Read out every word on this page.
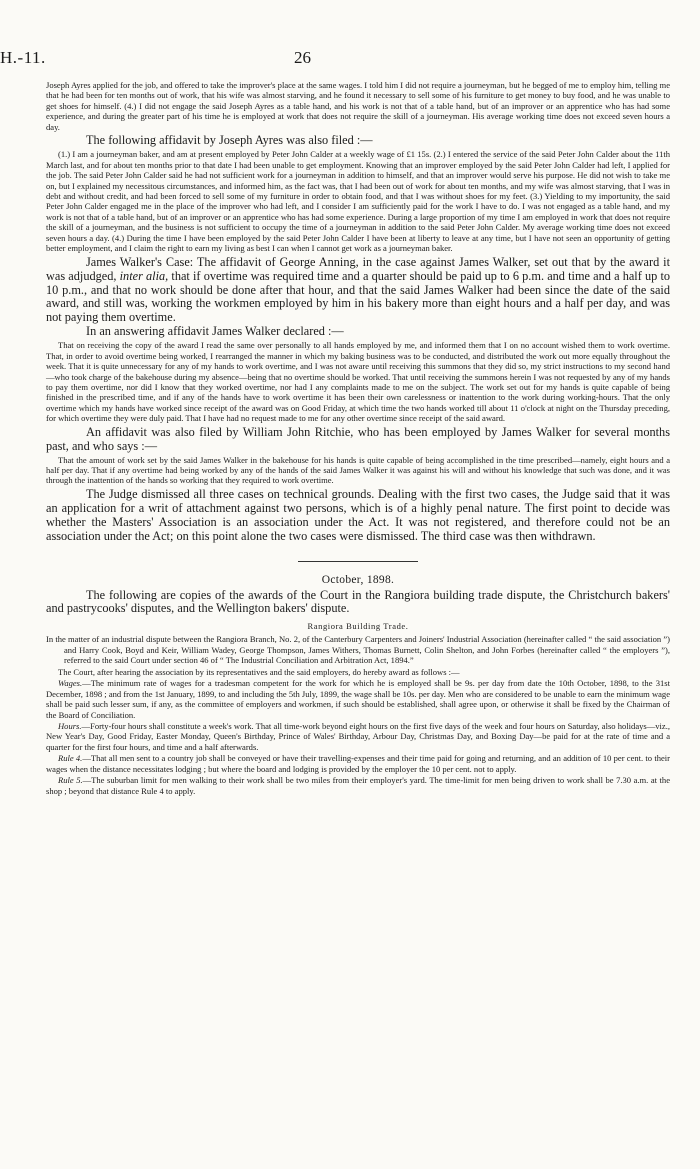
H.-11.	26

Joseph Ayres applied for the job, and offered to take the improver's place at the same wages. I told him I did not require a journeyman, but he begged of me to employ him, telling me that he had been for ten months out of work, that his wife was almost starving, and he found it necessary to sell some of his furniture to get money to buy food, and he was unable to get shoes for himself. (4.) I did not engage the said Joseph Ayres as a table hand, and his work is not that of a table hand, but of an improver or an apprentice who has had some experience, and during the greater part of his time he is employed at work that does not require the skill of a journeyman. His average working time does not exceed seven hours a day.

The following affidavit by Joseph Ayres was also filed :—

(1.) I am a journeyman baker, and am at present employed by Peter John Calder at a weekly wage of £1 15s. (2.) I entered the service of the said Peter John Calder about the 11th March last, and for about ten months prior to that date I had been unable to get employment. Knowing that an improver employed by the said Peter John Calder had left, I applied for the job. The said Peter John Calder said he had not sufficient work for a journeyman in addition to himself, and that an improver would serve his purpose. He did not wish to take me on, but I explained my necessitous circumstances, and informed him, as the fact was, that I had been out of work for about ten months, and my wife was almost starving, that I was in debt and without credit, and had been forced to sell some of my furniture in order to obtain food, and that I was without shoes for my feet. (3.) Yielding to my importunity, the said Peter John Calder engaged me in the place of the improver who had left, and I consider I am sufficiently paid for the work I have to do. I was not engaged as a table hand, and my work is not that of a table hand, but of an improver or an apprentice who has had some experience. During a large proportion of my time I am employed in work that does not require the skill of a journeyman, and the business is not sufficient to occupy the time of a journeyman in addition to the said Peter John Calder. My average working time does not exceed seven hours a day. (4.) During the time I have been employed by the said Peter John Calder I have been at liberty to leave at any time, but I have not seen an opportunity of getting better employment, and I claim the right to earn my living as best I can when I cannot get work as a journeyman baker.

James Walker's Case: The affidavit of George Anning, in the case against James Walker, set out that by the award it was adjudged, inter alia, that if overtime was required time and a quarter should be paid up to 6 p.m. and time and a half up to 10 p.m., and that no work should be done after that hour, and that the said James Walker had been since the date of the said award, and still was, working the workmen employed by him in his bakery more than eight hours and a half per day, and was not paying them overtime.

In an answering affidavit James Walker declared :—

That on receiving the copy of the award I read the same over personally to all hands employed by me, and informed them that I on no account wished them to work overtime. That, in order to avoid overtime being worked, I rearranged the manner in which my baking business was to be conducted, and distributed the work out more equally throughout the week. That it is quite unnecessary for any of my hands to work overtime, and I was not aware until receiving this summons that they did so, my strict instructions to my second hand—who took charge of the bakehouse during my absence—being that no overtime should be worked. That until receiving the summons herein I was not requested by any of my hands to pay them overtime, nor did I know that they worked overtime, nor had I any complaints made to me on the subject. The work set out for my hands is quite capable of being finished in the prescribed time, and if any of the hands have to work overtime it has been their own carelessness or inattention to the work during working-hours. That the only overtime which my hands have worked since receipt of the award was on Good Friday, at which time the two hands worked till about 11 o'clock at night on the Thursday preceding, for which overtime they were duly paid. That I have had no request made to me for any other overtime since receipt of the said award.

An affidavit was also filed by William John Ritchie, who has been employed by James Walker for several months past, and who says :—

That the amount of work set by the said James Walker in the bakehouse for his hands is quite capable of being accomplished in the time prescribed—namely, eight hours and a half per day. That if any overtime had being worked by any of the hands of the said James Walker it was against his will and without his knowledge that such was done, and it was through the inattention of the hands so working that they required to work overtime.

The Judge dismissed all three cases on technical grounds. Dealing with the first two cases, the Judge said that it was an application for a writ of attachment against two persons, which is of a highly penal nature. The first point to decide was whether the Masters' Association is an association under the Act. It was not registered, and therefore could not be an association under the Act; on this point alone the two cases were dismissed. The third case was then withdrawn.

October, 1898.

The following are copies of the awards of the Court in the Rangiora building trade dispute, the Christchurch bakers' and pastrycooks' disputes, and the Wellington bakers' dispute.

Rangiora Building Trade.

In the matter of an industrial dispute between the Rangiora Branch, No. 2, of the Canterbury Carpenters and Joiners' Industrial Association (hereinafter called “ the said association ”) and Harry Cook, Boyd and Keir, William Wadey, George Thompson, James Withers, Thomas Burnett, Colin Shelton, and John Forbes (hereinafter called “ the employers ”), referred to the said Court under section 46 of “ The Industrial Conciliation and Arbitration Act, 1894.”

The Court, after hearing the association by its representatives and the said employers, do hereby award as follows :—

Wages.—The minimum rate of wages for a tradesman competent for the work for which he is employed shall be 9s. per day from date the 10th October, 1898, to the 31st December, 1898 ; and from the 1st January, 1899, to and including the 5th July, 1899, the wage shall be 10s. per day. Men who are considered to be unable to earn the minimum wage shall be paid such lesser sum, if any, as the committee of employers and workmen, if such should be established, shall agree upon, or otherwise it shall be fixed by the Chairman of the Board of Conciliation.

Hours.—Forty-four hours shall constitute a week's work. That all time-work beyond eight hours on the first five days of the week and four hours on Saturday, also holidays—viz., New Year's Day, Good Friday, Easter Monday, Queen's Birthday, Prince of Wales' Birthday, Arbour Day, Christmas Day, and Boxing Day—be paid for at the rate of time and a quarter for the first four hours, and time and a half afterwards.

Rule 4.—That all men sent to a country job shall be conveyed or have their travelling-expenses and their time paid for going and returning, and an addition of 10 per cent. to their wages when the distance necessitates lodging ; but where the board and lodging is provided by the employer the 10 per cent. not to apply.

Rule 5.—The suburban limit for men walking to their work shall be two miles from their employer's yard. The time-limit for men being driven to work shall be 7.30 a.m. at the shop ; beyond that distance Rule 4 to apply.
